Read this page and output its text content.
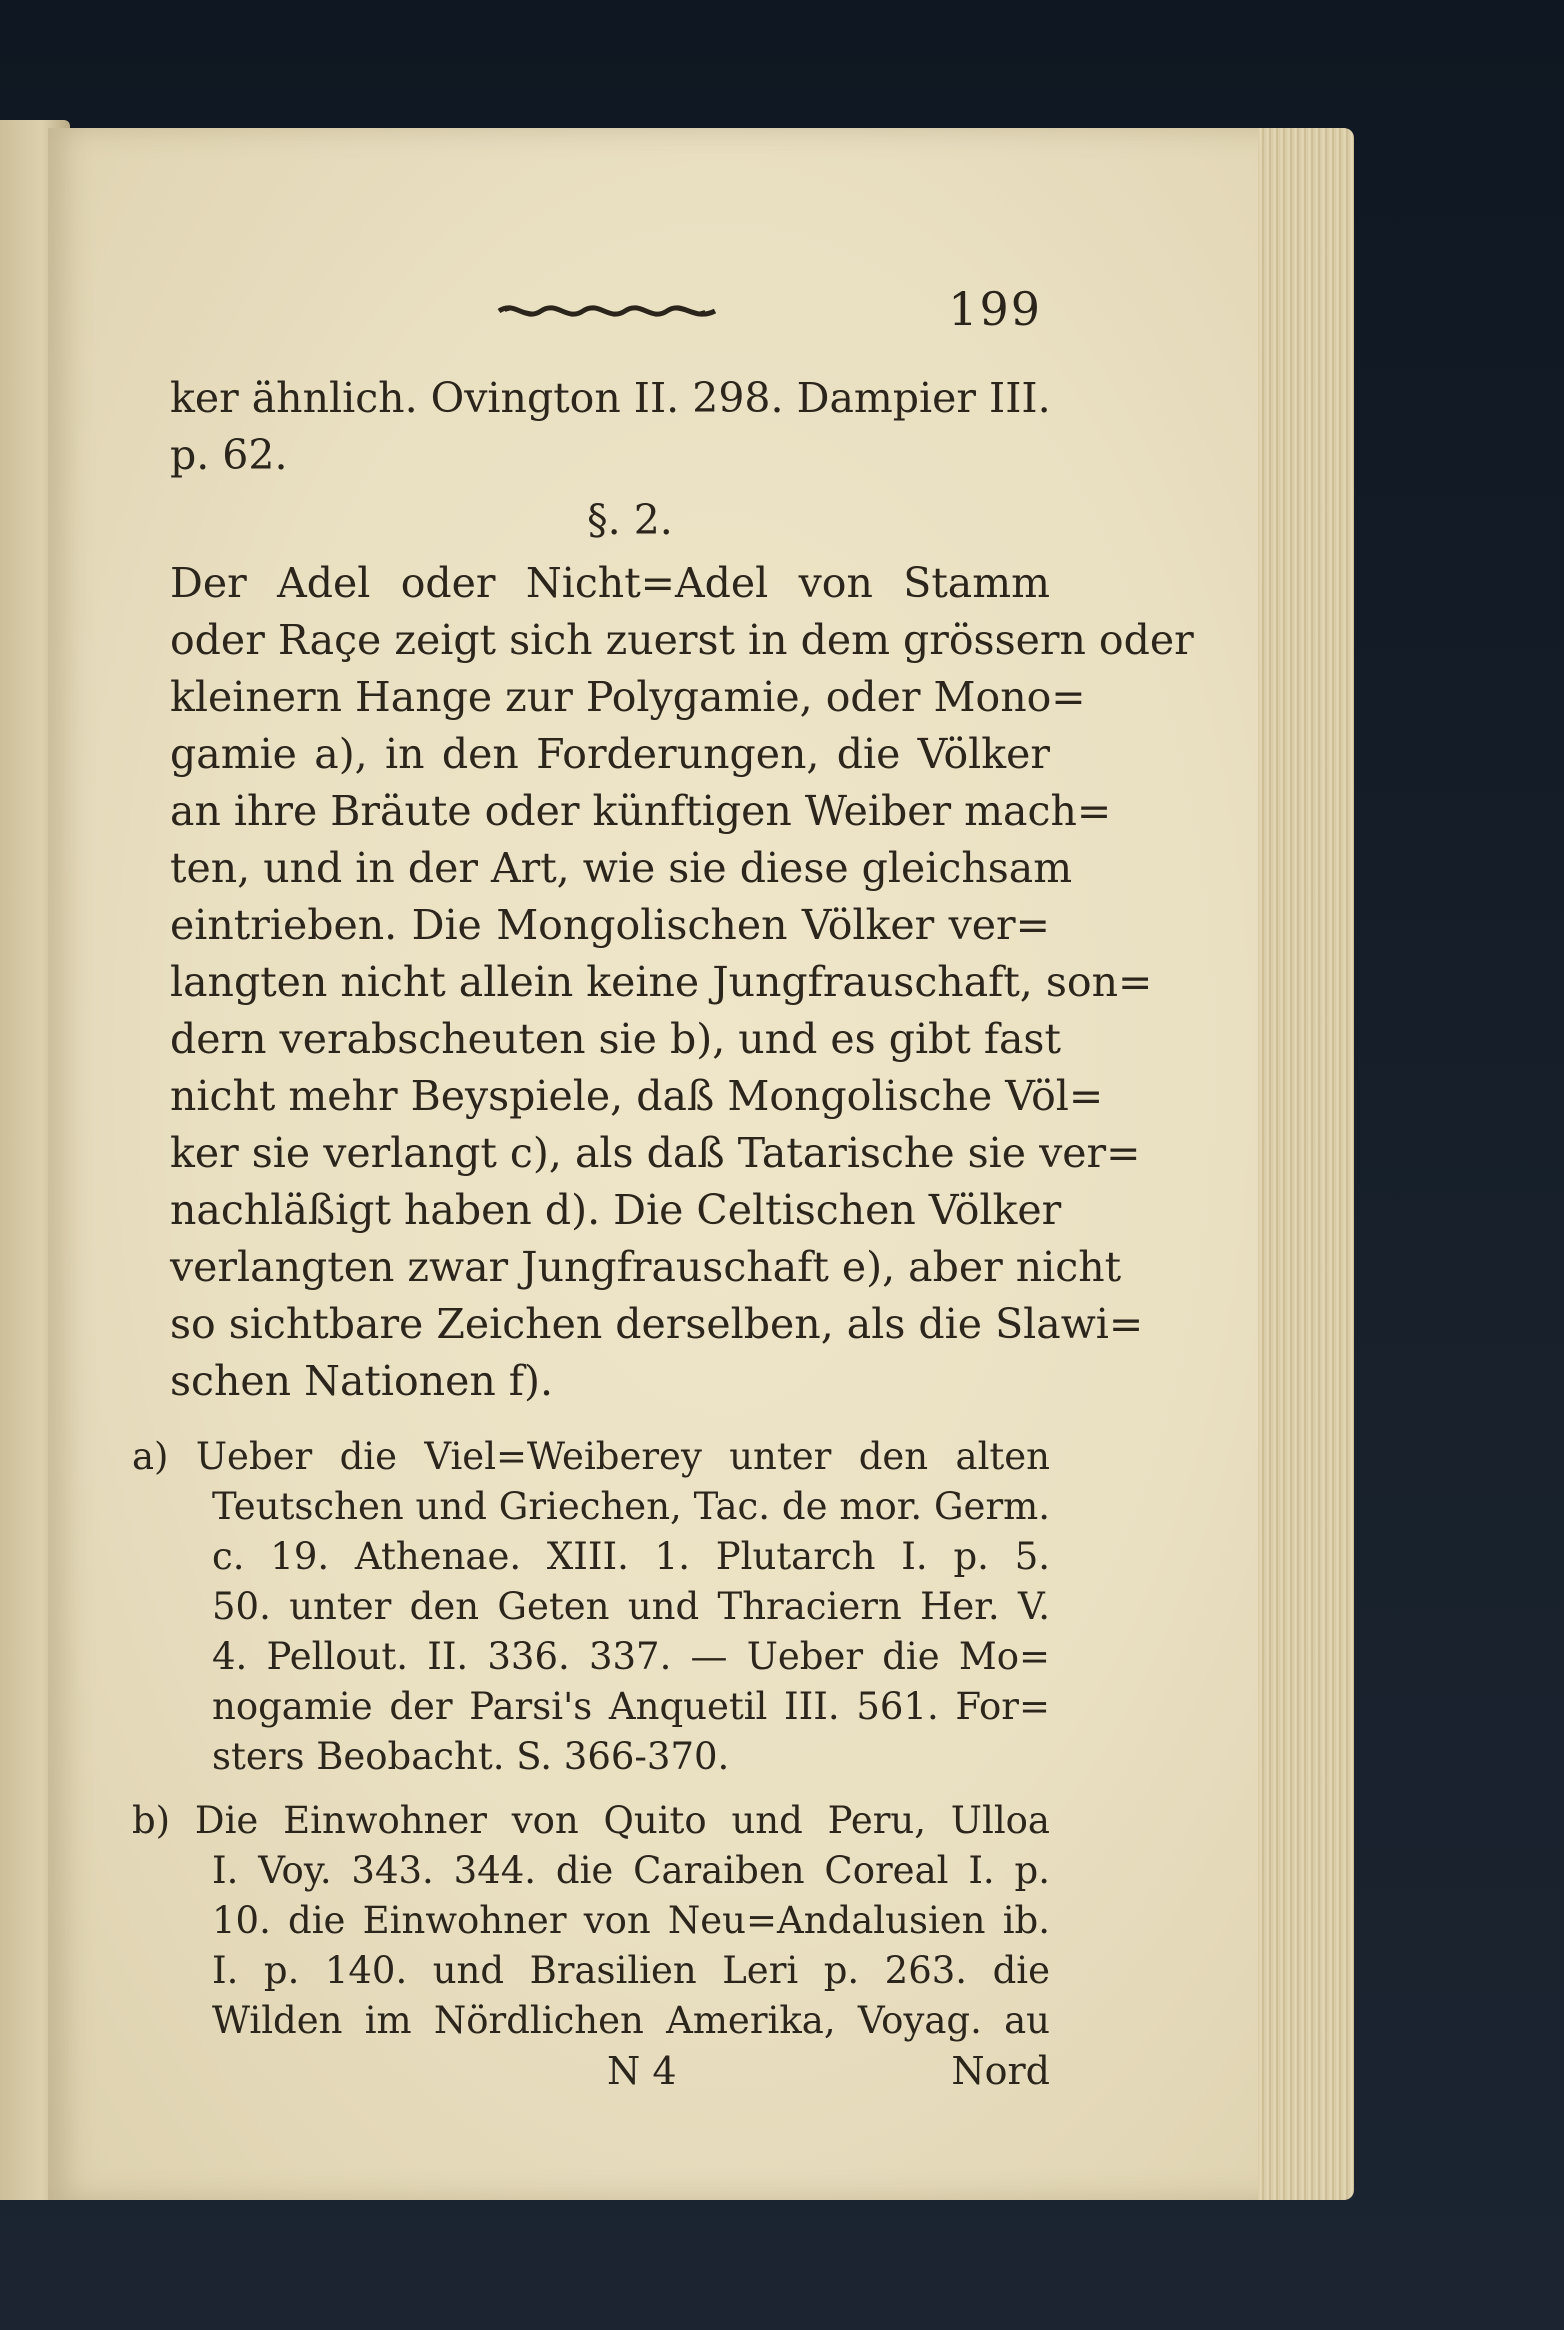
199
ker ähnlich. Ovington II. 298. Dampier III.
p. 62.
§. 2.
Der Adel oder Nicht=Adel von Stamm
oder Raçe zeigt sich zuerst in dem grössern oder
kleinern Hange zur Polygamie, oder Mono=
gamie a), in den Forderungen, die Völker
an ihre Bräute oder künftigen Weiber mach=
ten, und in der Art, wie sie diese gleichsam
eintrieben. Die Mongolischen Völker ver=
langten nicht allein keine Jungfrauschaft, son=
dern verabscheuten sie b), und es gibt fast
nicht mehr Beyspiele, daß Mongolische Völ=
ker sie verlangt c), als daß Tatarische sie ver=
nachläßigt haben d). Die Celtischen Völker
verlangten zwar Jungfrauschaft e), aber nicht
so sichtbare Zeichen derselben, als die Slawi=
schen Nationen f).
a) Ueber die Viel=Weiberey unter den alten
Teutschen und Griechen, Tac. de mor. Germ.
c. 19. Athenae. XIII. 1. Plutarch I. p. 5.
50. unter den Geten und Thraciern Her. V.
4. Pellout. II. 336. 337. — Ueber die Mo=
nogamie der Parsi's Anquetil III. 561. For=
sters Beobacht. S. 366-370.
b) Die Einwohner von Quito und Peru, Ulloa
I. Voy. 343. 344. die Caraiben Coreal I. p.
10. die Einwohner von Neu=Andalusien ib.
I. p. 140. und Brasilien Leri p. 263. die
Wilden im Nördlichen Amerika, Voyag. au
N 4	Nord
